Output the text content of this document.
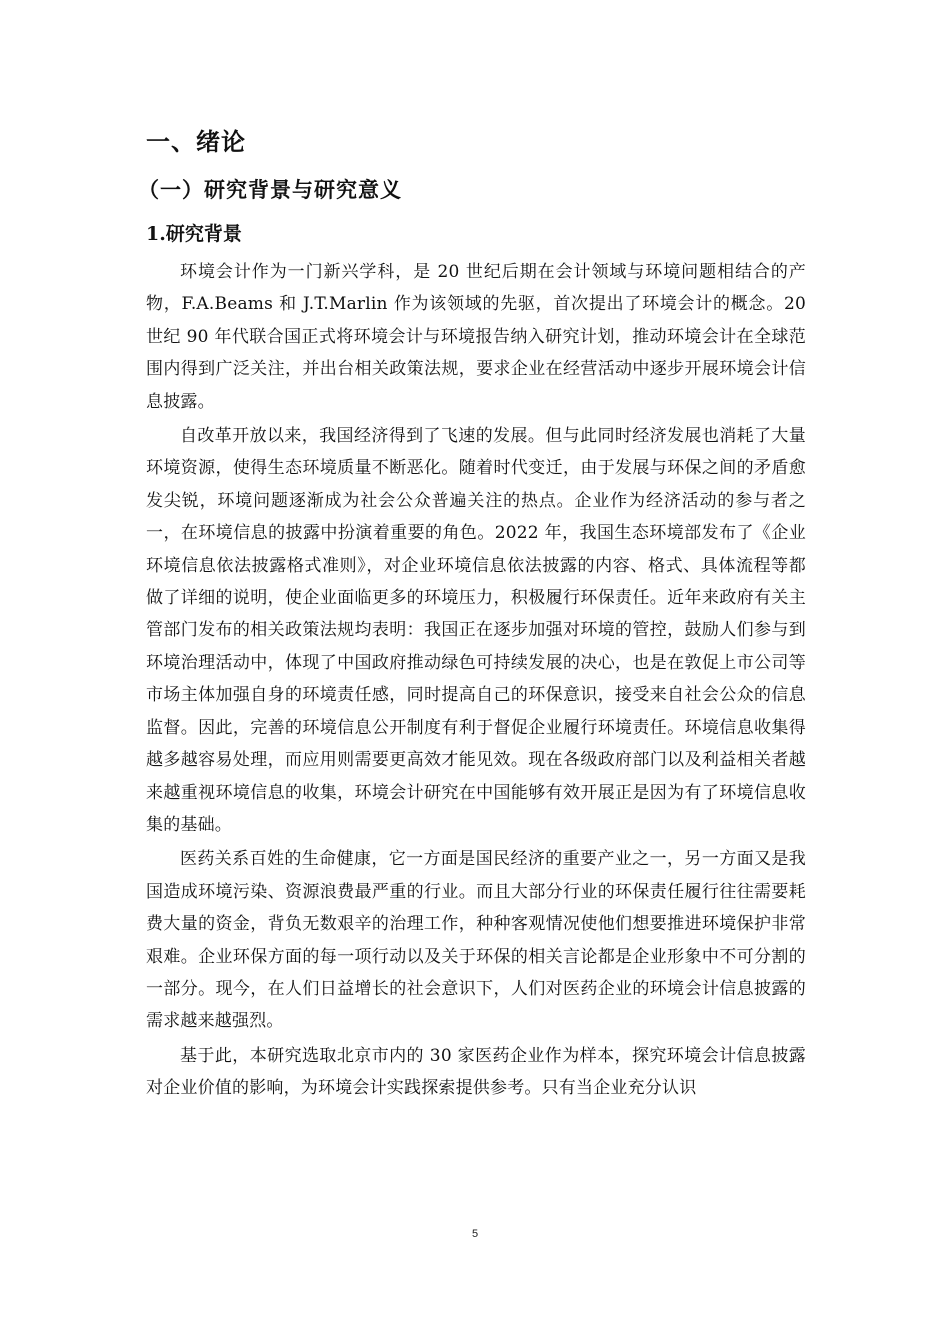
一、绪论
（一）研究背景与研究意义
1.研究背景

环境会计作为一门新兴学科，是 20 世纪后期在会计领域与环境问题相结合的产物，F.A.Beams 和 J.T.Marlin 作为该领域的先驱，首次提出了环境会计的概念。20 世纪 90 年代联合国正式将环境会计与环境报告纳入研究计划，推动环境会计在全球范围内得到广泛关注，并出台相关政策法规，要求企业在经营活动中逐步开展环境会计信息披露。

自改革开放以来，我国经济得到了飞速的发展。但与此同时经济发展也消耗了大量环境资源，使得生态环境质量不断恶化。随着时代变迁，由于发展与环保之间的矛盾愈发尖锐，环境问题逐渐成为社会公众普遍关注的热点。企业作为经济活动的参与者之一，在环境信息的披露中扮演着重要的角色。2022 年，我国生态环境部发布了《企业环境信息依法披露格式准则》，对企业环境信息依法披露的内容、格式、具体流程等都做了详细的说明，使企业面临更多的环境压力，积极履行环保责任。近年来政府有关主管部门发布的相关政策法规均表明：我国正在逐步加强对环境的管控，鼓励人们参与到环境治理活动中，体现了中国政府推动绿色可持续发展的决心，也是在敦促上市公司等市场主体加强自身的环境责任感，同时提高自己的环保意识，接受来自社会公众的信息监督。因此，完善的环境信息公开制度有利于督促企业履行环境责任。环境信息收集得越多越容易处理，而应用则需要更高效才能见效。现在各级政府部门以及利益相关者越来越重视环境信息的收集，环境会计研究在中国能够有效开展正是因为有了环境信息收集的基础。

医药关系百姓的生命健康，它一方面是国民经济的重要产业之一，另一方面又是我国造成环境污染、资源浪费最严重的行业。而且大部分行业的环保责任履行往往需要耗费大量的资金，背负无数艰辛的治理工作，种种客观情况使他们想要推进环境保护非常艰难。企业环保方面的每一项行动以及关于环保的相关言论都是企业形象中不可分割的一部分。现今，在人们日益增长的社会意识下，人们对医药企业的环境会计信息披露的需求越来越强烈。

基于此，本研究选取北京市内的 30 家医药企业作为样本，探究环境会计信息披露对企业价值的影响，为环境会计实践探索提供参考。只有当企业充分认识

5
